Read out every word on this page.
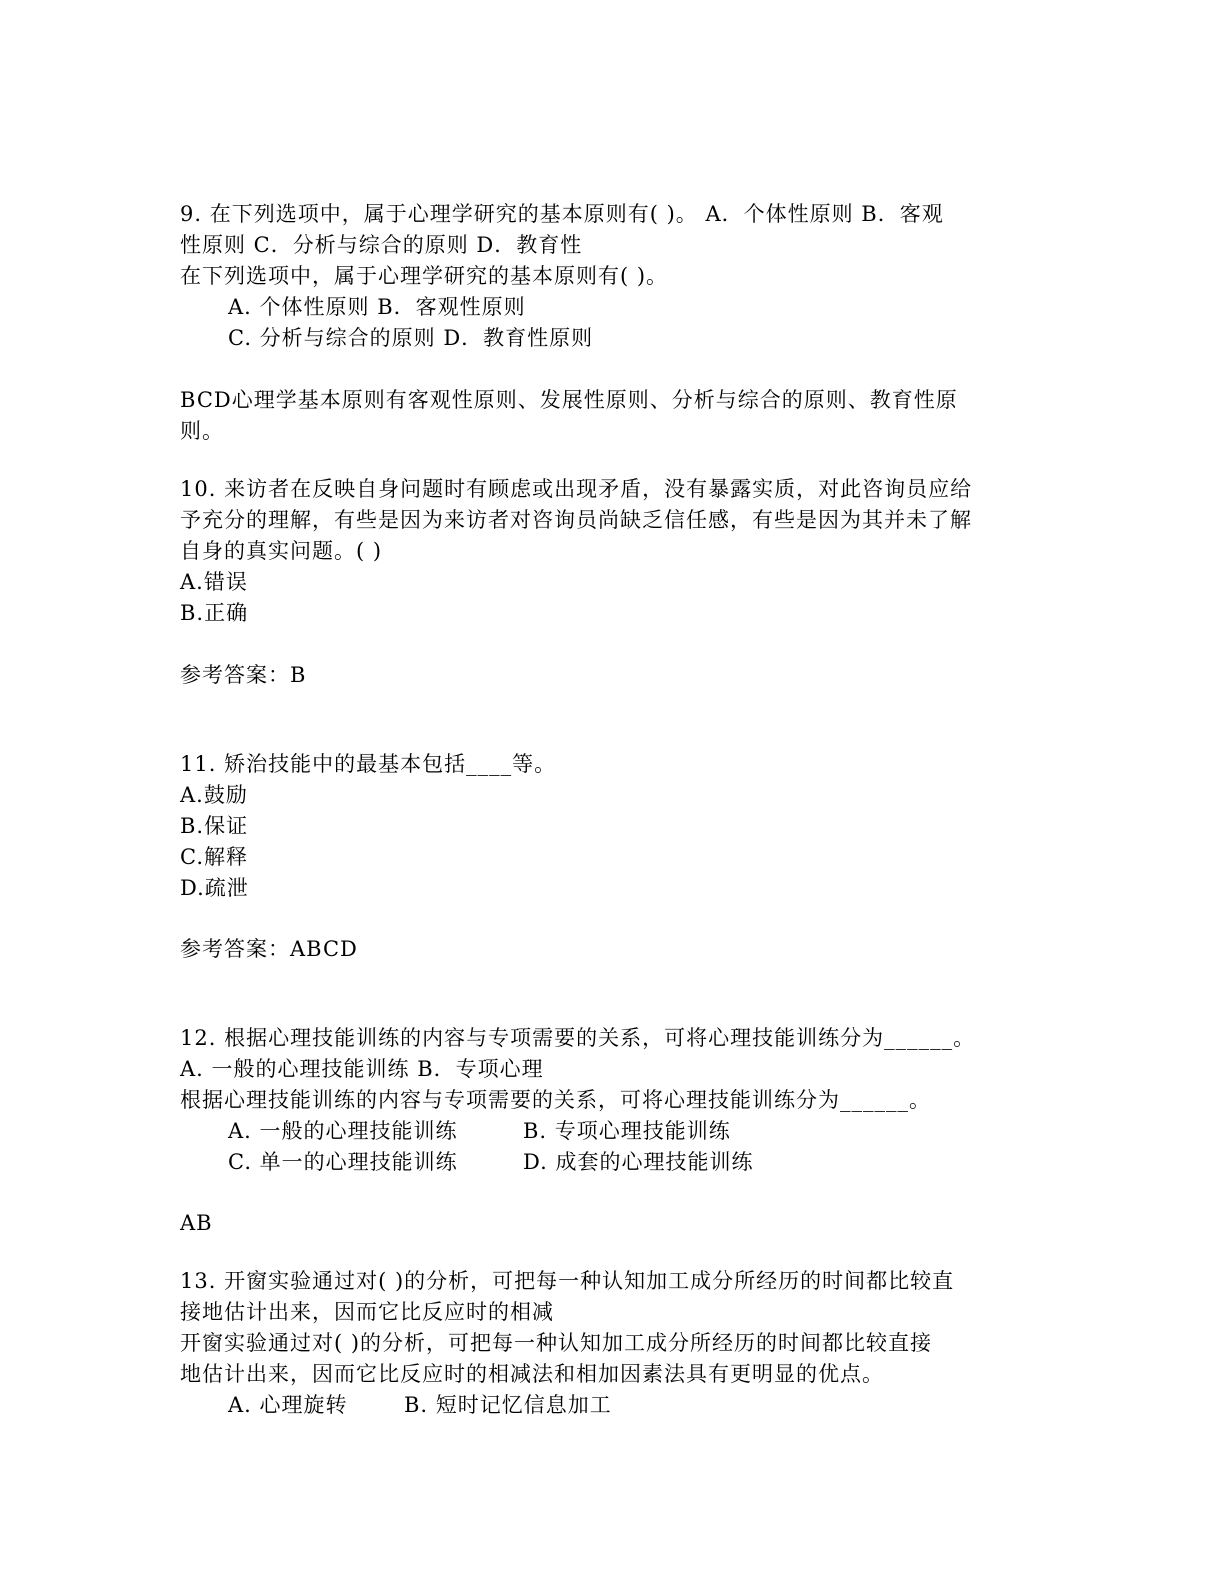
9. 在下列选项中，属于心理学研究的基本原则有( )。 A．个体性原则 B．客观
性原则 C．分析与综合的原则 D．教育性
在下列选项中，属于心理学研究的基本原则有( )。
A. 个体性原则 B．客观性原则
C. 分析与综合的原则 D．教育性原则
BCD心理学基本原则有客观性原则、发展性原则、分析与综合的原则、教育性原
则。
10. 来访者在反映自身问题时有顾虑或出现矛盾，没有暴露实质，对此咨询员应给
予充分的理解，有些是因为来访者对咨询员尚缺乏信任感，有些是因为其并未了解
自身的真实问题。( )
A.错误
B.正确
参考答案：B
11. 矫治技能中的最基本包括____等。
A.鼓励
B.保证
C.解释
D.疏泄
参考答案：ABCD
12. 根据心理技能训练的内容与专项需要的关系，可将心理技能训练分为______。
A. 一般的心理技能训练 B．专项心理
根据心理技能训练的内容与专项需要的关系，可将心理技能训练分为______。
A. 一般的心理技能训练	B. 专项心理技能训练
C. 单一的心理技能训练	D. 成套的心理技能训练
AB
13. 开窗实验通过对( )的分析，可把每一种认知加工成分所经历的时间都比较直
接地估计出来，因而它比反应时的相减
开窗实验通过对( )的分析，可把每一种认知加工成分所经历的时间都比较直接
地估计出来，因而它比反应时的相减法和相加因素法具有更明显的优点。
A. 心理旋转	B. 短时记忆信息加工
